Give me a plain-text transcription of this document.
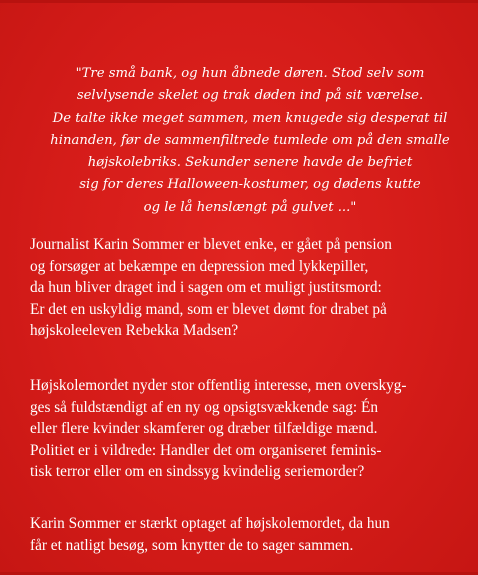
"Tre små bank, og hun åbnede døren. Stod selv som
selvlysende skelet og trak døden ind på sit værelse.
De talte ikke meget sammen, men knugede sig desperat til
hinanden, før de sammenfiltrede tumlede om på den smalle
højskolebriks. Sekunder senere havde de befriet
sig for deres Halloween-kostumer, og dødens kutte
og le lå henslængt på gulvet ..."
Journalist Karin Sommer er blevet enke, er gået på pension
og forsøger at bekæmpe en depression med lykkepiller,
da hun bliver draget ind i sagen om et muligt justitsmord:
Er det en uskyldig mand, som er blevet dømt for drabet på
højskoleeleven Rebekka Madsen?
Højskolemordet nyder stor offentlig interesse, men overskyg-
ges så fuldstændigt af en ny og opsigtsvækkende sag: Én
eller flere kvinder skamferer og dræber tilfældige mænd.
Politiet er i vildrede: Handler det om organiseret feminis-
tisk terror eller om en sindssyg kvindelig seriemorder?
Karin Sommer er stærkt optaget af højskolemordet, da hun
får et natligt besøg, som knytter de to sager sammen.
